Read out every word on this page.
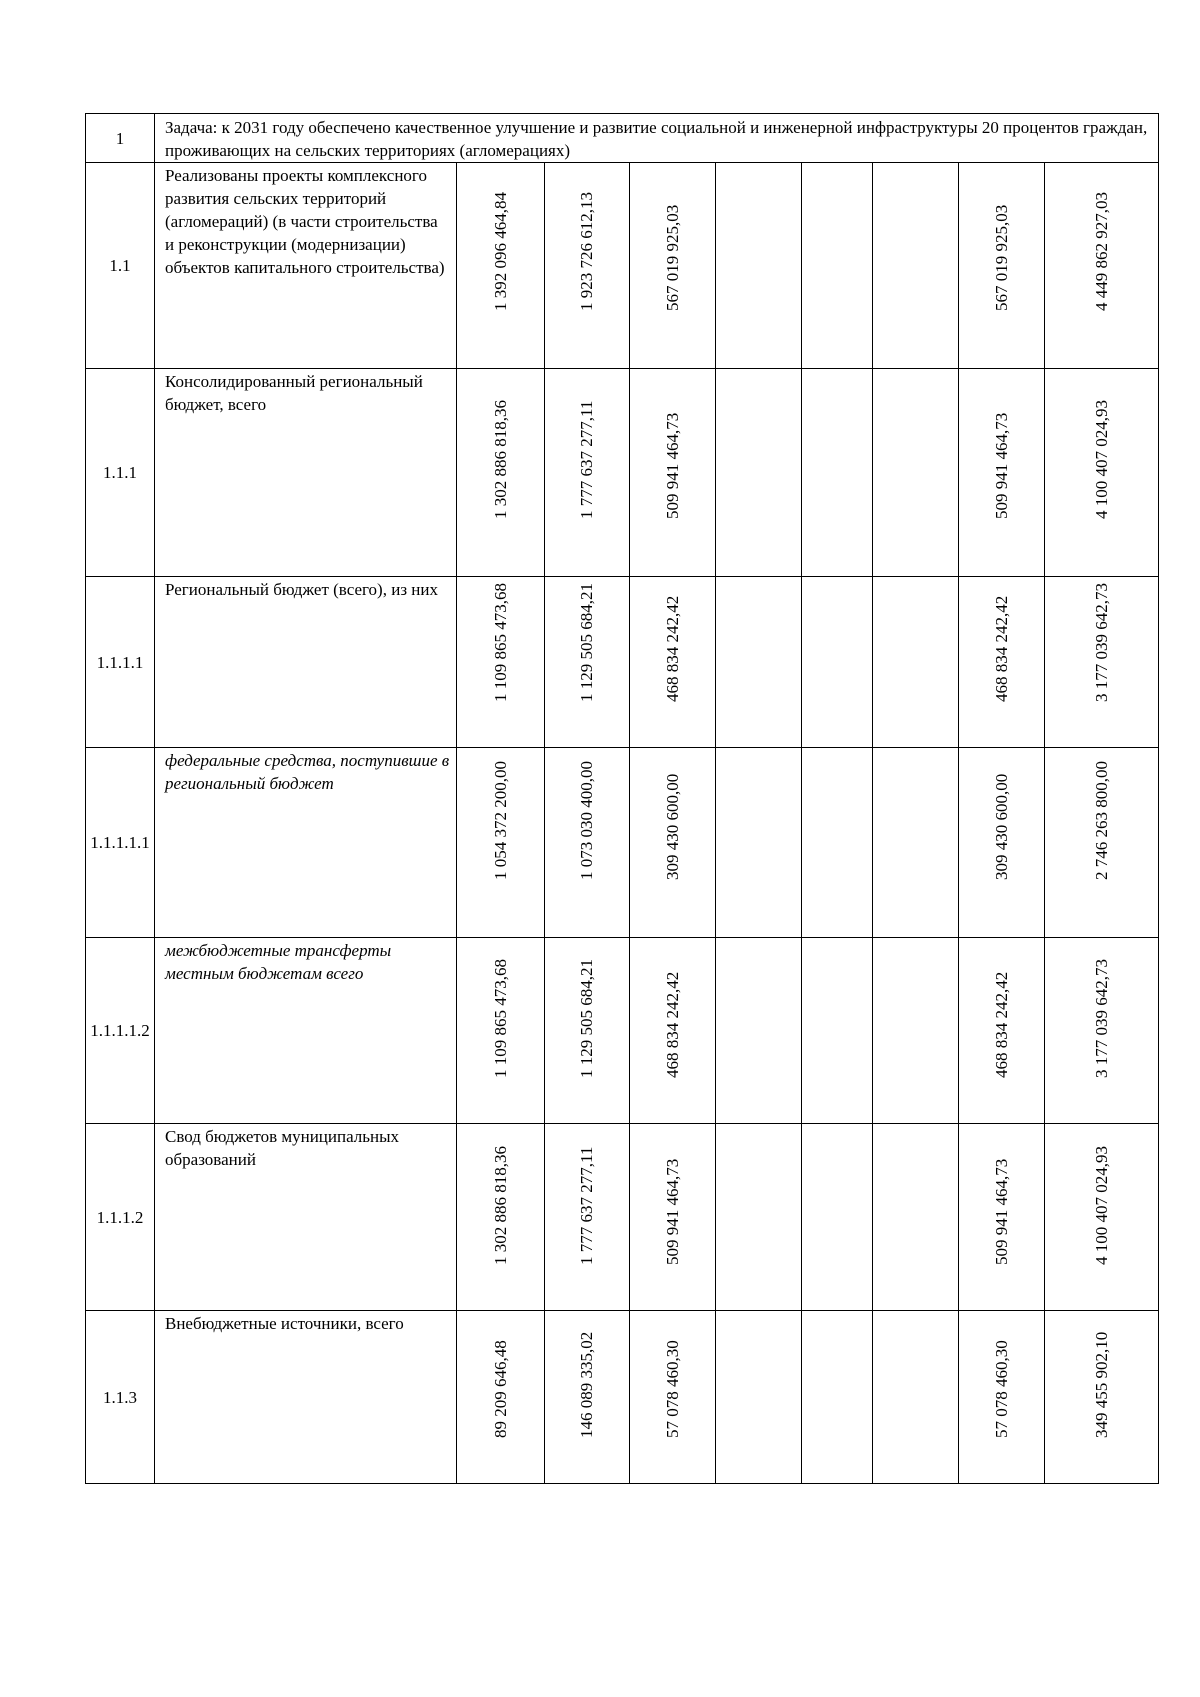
1	Задача: к 2031 году обеспечено качественное улучшение и развитие социальной и инженерной инфраструктуры 20 процентов граждан, проживающих на сельских территориях (агломерациях)								
1.1	Реализованы проекты комплексного развития сельских территорий (агломераций) (в части строительства и реконструкции (модернизации) объектов капитального строительства)	1 392 096 464,84	1 923 726 612,13	567 019 925,03				567 019 925,03	4 449 862 927,03

1.1.1	Консолидированный региональный бюджет, всего	1 302 886 818,36	1 777 637 277,11	509 941 464,73				509 941 464,73	4 100 407 024,93

1.1.1.1	Региональный бюджет (всего), из них	1 109 865 473,68	1 129 505 684,21	468 834 242,42				468 834 242,42	3 177 039 642,73

1.1.1.1.1	федеральные средства, поступившие в региональный бюджет	1 054 372 200,00	1 073 030 400,00	309 430 600,00				309 430 600,00	2 746 263 800,00

1.1.1.1.2	межбюджетные трансферты местным бюджетам всего	1 109 865 473,68	1 129 505 684,21	468 834 242,42				468 834 242,42	3 177 039 642,73

1.1.1.2	Свод бюджетов муниципальных образований	1 302 886 818,36	1 777 637 277,11	509 941 464,73				509 941 464,73	4 100 407 024,93

1.1.3	Внебюджетные источники, всего	89 209 646,48	146 089 335,02	57 078 460,30				57 078 460,30	349 455 902,10
